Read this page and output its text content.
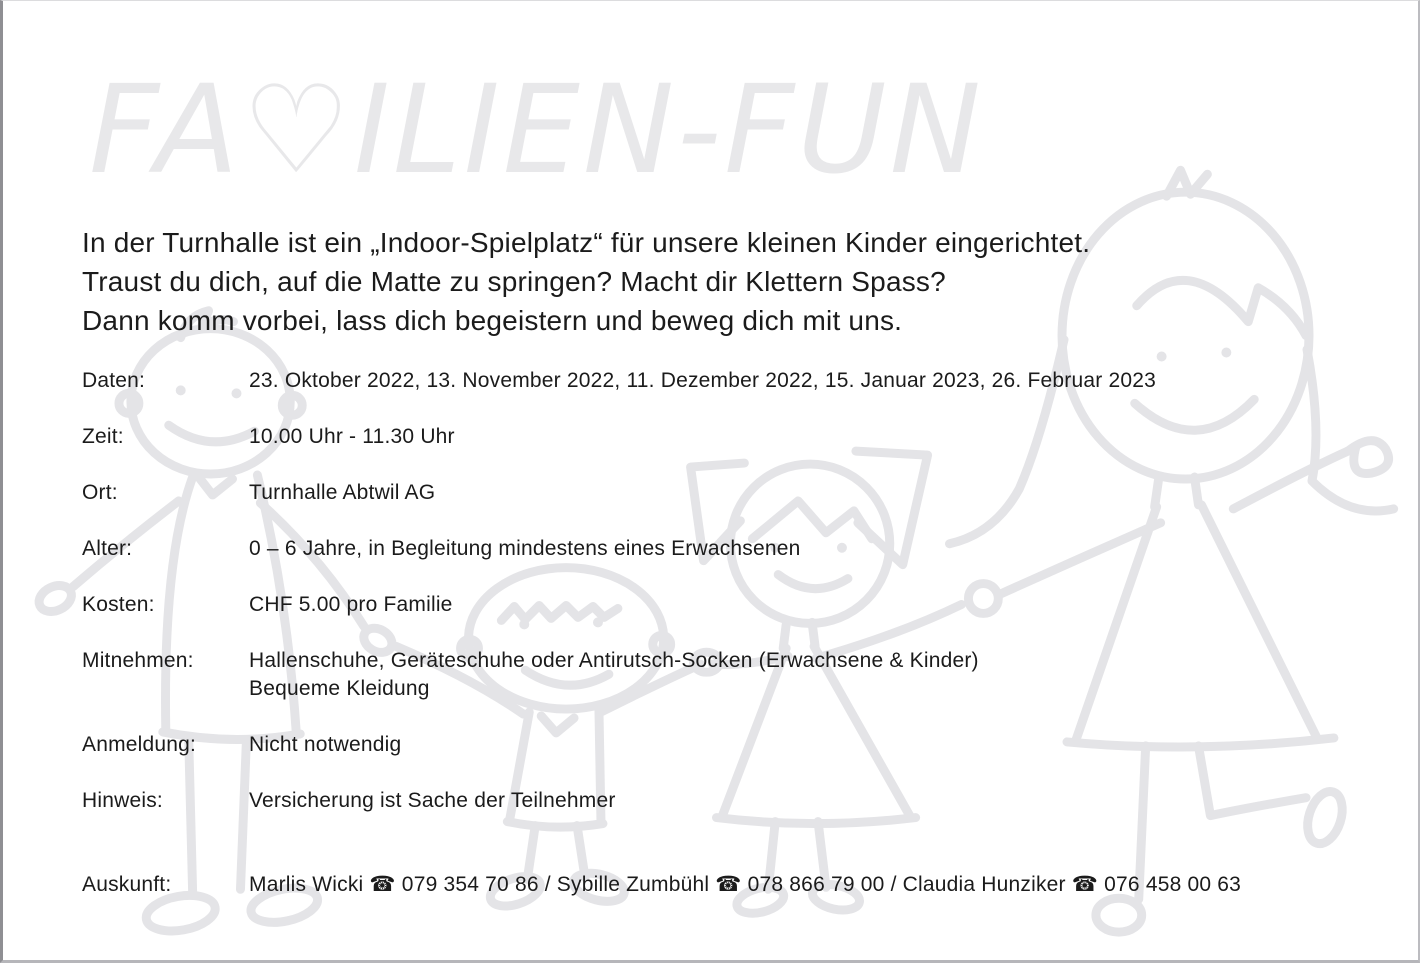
FA♡ILIEN-FUN
In der Turnhalle ist ein „Indoor-Spielplatz“ für unsere kleinen Kinder eingerichtet.
Traust du dich, auf die Matte zu springen? Macht dir Klettern Spass?
Dann komm vorbei, lass dich begeistern und beweg dich mit uns.
Daten:	23. Oktober 2022, 13. November 2022, 11. Dezember 2022, 15. Januar 2023, 26. Februar 2023
Zeit:	10.00 Uhr - 11.30 Uhr
Ort:	Turnhalle Abtwil AG
Alter:	0 – 6 Jahre, in Begleitung mindestens eines Erwachsenen
Kosten:	CHF 5.00 pro Familie
Mitnehmen:	Hallenschuhe, Geräteschuhe oder Antirutsch-Socken (Erwachsene & Kinder)
Bequeme Kleidung
Anmeldung:	Nicht notwendig
Hinweis:	Versicherung ist Sache der Teilnehmer
Auskunft:	Marlis Wicki ☎ 079 354 70 86 / Sybille Zumbühl ☎ 078 866 79 00 / Claudia Hunziker ☎ 076 458 00 63
